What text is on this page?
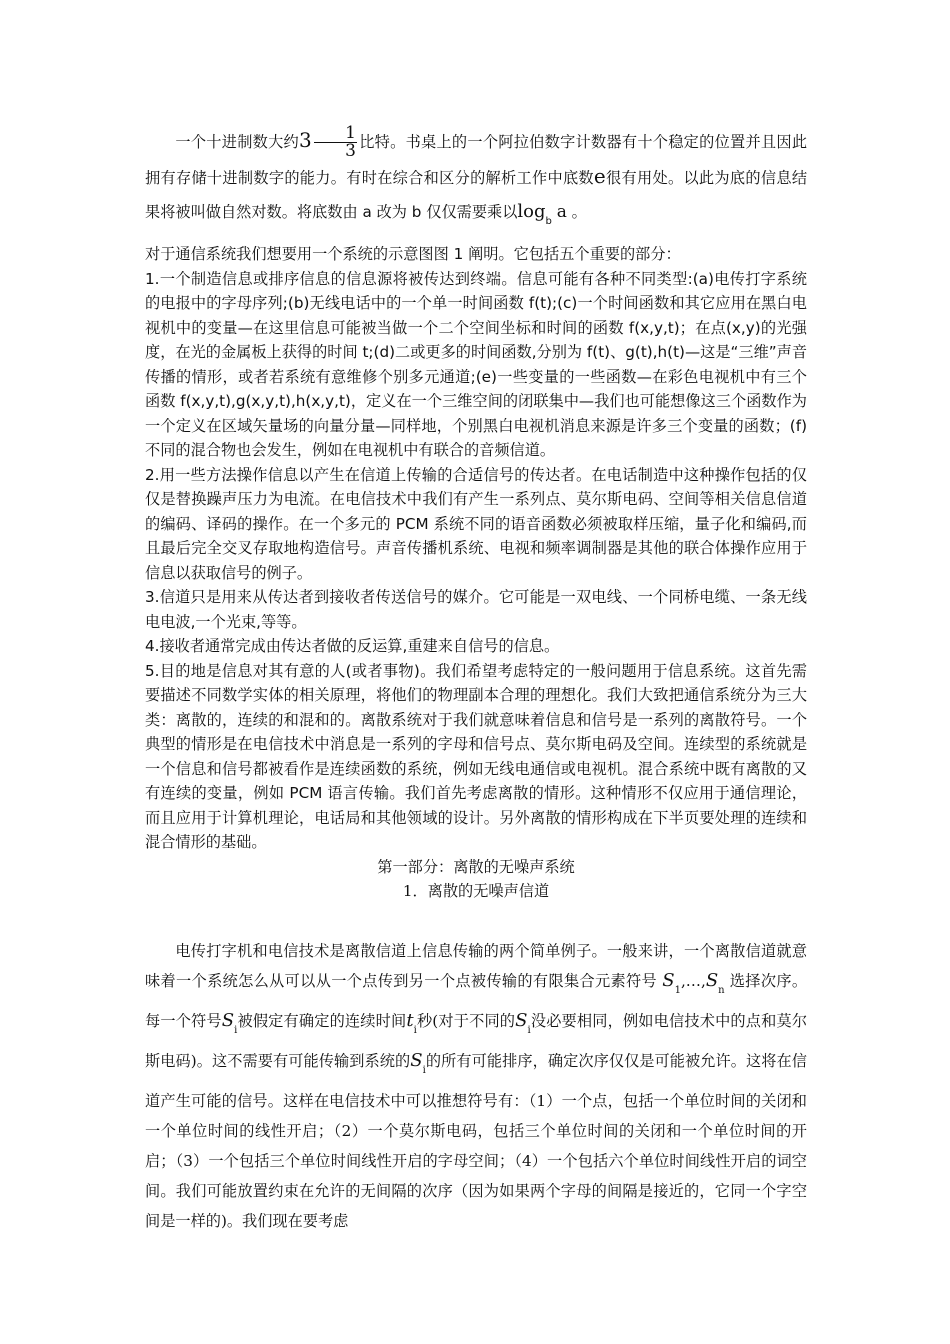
一个十进制数大约$3 \frac{1}{3}$ 比特。书桌上的一个阿拉伯数字计数器有十个稳定的位置并且因此拥有存储十进制数字的能力。有时在综合和区分的解析工作中底数e很有用处。以此为底的信息结果将被叫做自然对数。将底数由 a 改为 b 仅仅需要乘以$\log_b a$ 。

对于通信系统我们想要用一个系统的示意图图 1 阐明。它包括五个重要的部分：

1.一个制造信息或排序信息的信息源将被传达到终端。信息可能有各种不同类型:(a)电传打字系统的电报中的字母序列;(b)无线电话中的一个单一时间函数 f(t);(c)一个时间函数和其它应用在黑白电视机中的变量—在这里信息可能被当做一个二个空间坐标和时间的函数 f(x,y,t)；在点(x,y)的光强度，在光的金属板上获得的时间 t;(d)二或更多的时间函数,分别为 f(t)、g(t),h(t)—这是“三维”声音传播的情形，或者若系统有意维修个别多元通道;(e)一些变量的一些函数—在彩色电视机中有三个函数 f(x,y,t),g(x,y,t),h(x,y,t)，定义在一个三维空间的闭联集中—我们也可能想像这三个函数作为一个定义在区域矢量场的向量分量—同样地，个别黑白电视机消息来源是许多三个变量的函数；(f)不同的混合物也会发生，例如在电视机中有联合的音频信道。

2.用一些方法操作信息以产生在信道上传输的合适信号的传达者。在电话制造中这种操作包括的仅仅是替换躁声压力为电流。在电信技术中我们有产生一系列点、莫尔斯电码、空间等相关信息信道的编码、译码的操作。在一个多元的 PCM 系统不同的语音函数必须被取样压缩，量子化和编码,而且最后完全交叉存取地构造信号。声音传播机系统、电视和频率调制器是其他的联合体操作应用于信息以获取信号的例子。

3.信道只是用来从传达者到接收者传送信号的媒介。它可能是一双电线、一个同桥电缆、一条无线电电波,一个光束,等等。

4.接收者通常完成由传达者做的反运算,重建来自信号的信息。

5.目的地是信息对其有意的人(或者事物)。我们希望考虑特定的一般问题用于信息系统。这首先需要描述不同数学实体的相关原理，将他们的物理副本合理的理想化。我们大致把通信系统分为三大类：离散的，连续的和混和的。离散系统对于我们就意味着信息和信号是一系列的离散符号。一个典型的情形是在电信技术中消息是一系列的字母和信号点、莫尔斯电码及空间。连续型的系统就是一个信息和信号都被看作是连续函数的系统，例如无线电通信或电视机。混合系统中既有离散的又有连续的变量，例如 PCM 语言传输。我们首先考虑离散的情形。这种情形不仅应用于通信理论，而且应用于计算机理论，电话局和其他领域的设计。另外离散的情形构成在下半页要处理的连续和混合情形的基础。

第一部分：离散的无噪声系统

1．离散的无噪声信道

电传打字机和电信技术是离散信道上信息传输的两个简单例子。一般来讲，一个离散信道就意味着一个系统怎么从可以从一个点传到另一个点被传输的有限集合元素符号 $S_1,\dots,S_n$ 选择次序。每一个符号$S_i$被假定有确定的连续时间$t_i$秒(对于不同的$S_i$没必要相同，例如电信技术中的点和莫尔斯电码)。这不需要有可能传输到系统的$S_i$的所有可能排序，确定次序仅仅是可能被允许。这将在信道产生可能的信号。这样在电信技术中可以推想符号有：（1）一个点，包括一个单位时间的关闭和一个单位时间的线性开启；（2）一个莫尔斯电码，包括三个单位时间的关闭和一个单位时间的开启；（3）一个包括三个单位时间线性开启的字母空间；（4）一个包括六个单位时间线性开启的词空间。我们可能放置约束在允许的无间隔的次序（因为如果两个字母的间隔是接近的，它同一个字空间是一样的)。我们现在要考虑
